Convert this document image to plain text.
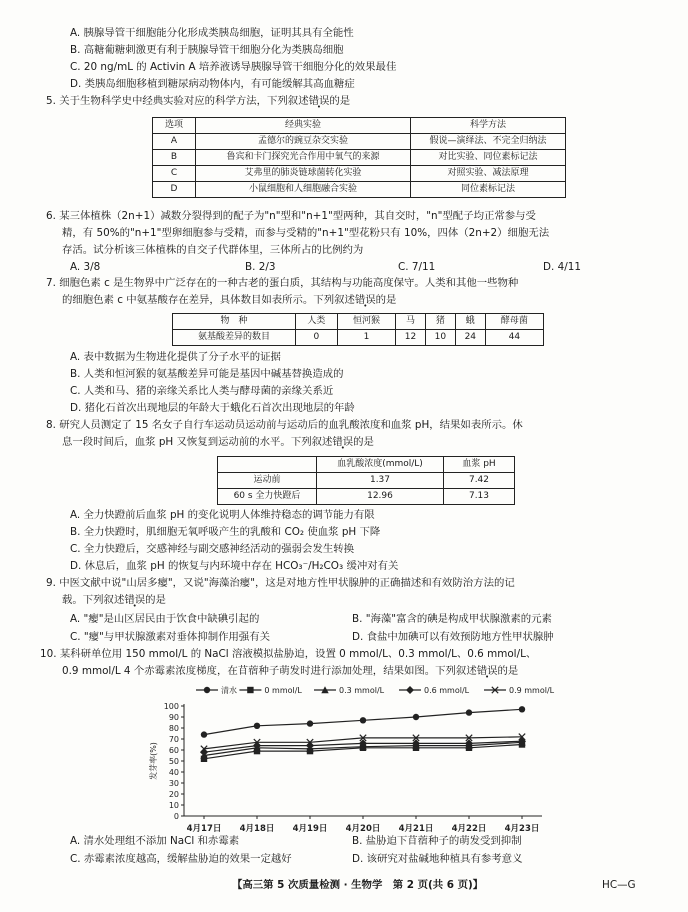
A. 胰腺导管干细胞能分化形成类胰岛细胞，证明其具有全能性
B. 高糖葡糖刺激更有利于胰腺导管干细胞分化为类胰岛细胞
C. 20 ng/mL 的 Activin A 培养液诱导胰腺导管干细胞分化的效果最佳
D. 类胰岛细胞移植到糖尿病动物体内，有可能缓解其高血糖症
5. 关于生物科学史中经典实验对应的科学方法，下列叙述错误的是
选项	经典实验	科学方法
A	孟德尔的豌豆杂交实验	假说—演绎法、不完全归纳法
B	鲁宾和卡门探究光合作用中氧气的来源	对比实验、同位素标记法
C	艾弗里的肺炎链球菌转化实验	对照实验、减法原理
D	小鼠细胞和人细胞融合实验	同位素标记法
6. 某三体植株（2n+1）减数分裂得到的配子为"n"型和"n+1"型两种，其自交时，"n"型配子均正常参与受
精，有 50%的"n+1"型卵细胞参与受精，而参与受精的"n+1"型花粉只有 10%，四体（2n+2）细胞无法
存活。试分析该三体植株的自交子代群体里，三体所占的比例约为
A. 3/8	B. 2/3	C. 7/11	D. 4/11
7. 细胞色素 c 是生物界中广泛存在的一种古老的蛋白质，其结构与功能高度保守。人类和其他一些物种
的细胞色素 c 中氨基酸存在差异，具体数目如表所示。下列叙述错误的是
物　种	人类	恒河猴	马	猪	蛾	酵母菌
氨基酸差异的数目	0	1	12	10	24	44
A. 表中数据为生物进化提供了分子水平的证据
B. 人类和恒河猴的氨基酸差异可能是基因中碱基替换造成的
C. 人类和马、猪的亲缘关系比人类与酵母菌的亲缘关系近
D. 猪化石首次出现地层的年龄大于蛾化石首次出现地层的年龄
8. 研究人员测定了 15 名女子自行车运动员运动前与运动后的血乳酸浓度和血浆 pH，结果如表所示。休
息一段时间后，血浆 pH 又恢复到运动前的水平。下列叙述错误的是
	血乳酸浓度(mmol/L)	血浆 pH
运动前	1.37	7.42
60 s 全力快蹬后	12.96	7.13
A. 全力快蹬前后血浆 pH 的变化说明人体维持稳态的调节能力有限
B. 全力快蹬时，肌细胞无氧呼吸产生的乳酸和 CO₂ 使血浆 pH 下降
C. 全力快蹬后，交感神经与副交感神经活动的强弱会发生转换
D. 休息后，血浆 pH 的恢复与内环境中存在 HCO₃⁻/H₂CO₃ 缓冲对有关
9. 中医文献中说"山居多瘿"，又说"海藻治瘿"，这是对地方性甲状腺肿的正确描述和有效防治方法的记
载。下列叙述错误的是
A. "瘿"是山区居民由于饮食中缺碘引起的	B. "海藻"富含的碘是构成甲状腺激素的元素
C. "瘿"与甲状腺激素对垂体抑制作用强有关	D. 食盐中加碘可以有效预防地方性甲状腺肿
10. 某科研单位用 150 mmol/L 的 NaCl 溶液模拟盐胁迫，设置 0 mmol/L、0.3 mmol/L、0.6 mmol/L、
0.9 mmol/L 4 个赤霉素浓度梯度，在苜蓿种子萌发时进行添加处理，结果如图。下列叙述错误的是
0
10
20
30
40
50
60
70
80
90
100
4月17日 4月18日 4月19日 4月20日 4月21日 4月22日 4月23日
发芽率(%)
清水	0 mmol/L	0.3 mmol/L	0.6 mmol/L	0.9 mmol/L
A. 清水处理组不添加 NaCl 和赤霉素	B. 盐胁迫下苜蓿种子的萌发受到抑制
C. 赤霉素浓度越高，缓解盐胁迫的效果一定越好	D. 该研究对盐碱地种植具有参考意义
【高三第 5 次质量检测 · 生物学　第 2 页(共 6 页)】	HC—G
